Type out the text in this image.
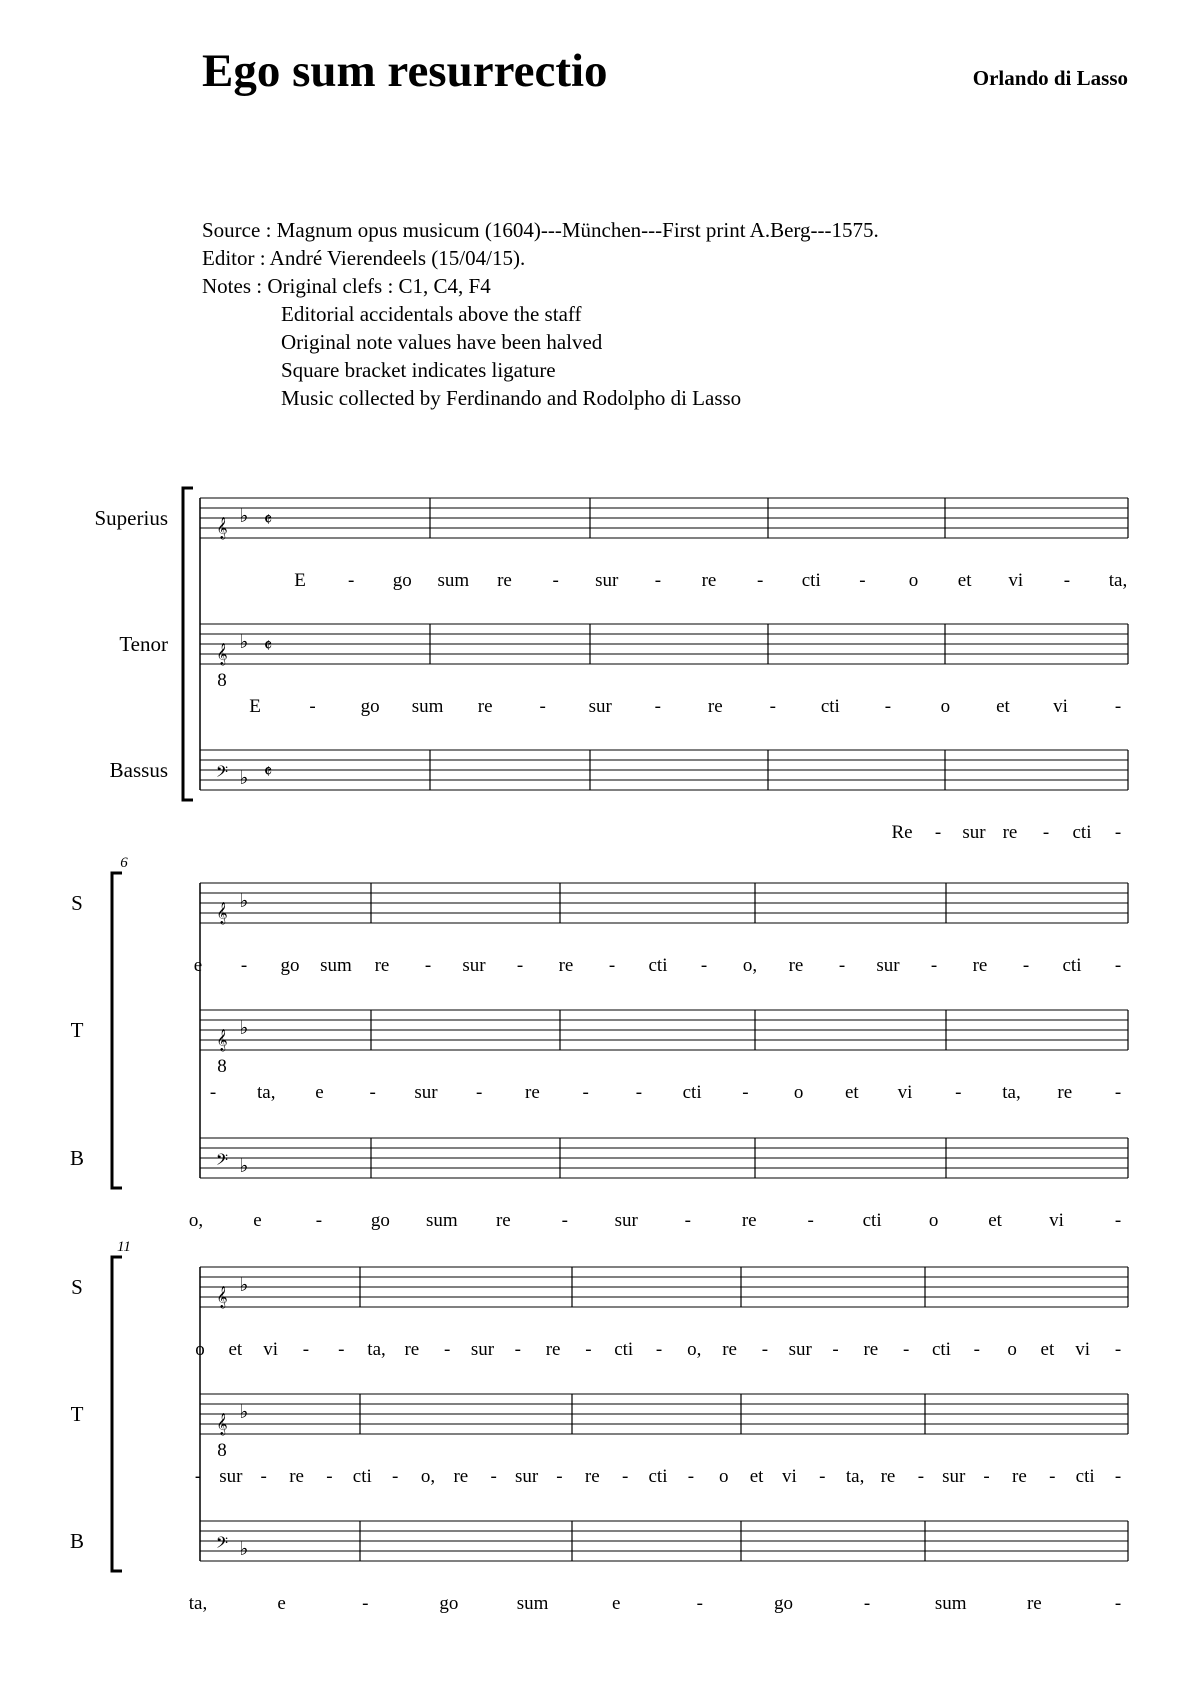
Ego sum resurrectio	Orlando di Lasso
Source : Magnum opus musicum (1604)---München---First print A.Berg---1575.
Editor : André Vierendeels (15/04/15).
Notes : Original clefs : C1, C4, F4
Editorial accidentals above the staff
Original note values have been halved
Square bracket indicates ligature
Music collected by Ferdinando and Rodolpho di Lasso
Superius	𝄞
♭ 𝄵
E - go sum re - sur - re - cti - o et vi - ta,
Tenor	𝄞
8
♭ 𝄵
E	- go sum re - sur - re - cti -	o et vi -
Bassus	𝄢 ♭ 𝄵
Re - sur re - cti -
6
S	𝄞
♭
e - go sum re - sur - re - cti - o, re - sur - re - cti -
T	𝄞
8
♭
- ta, e - sur - re - - cti - o et vi - ta, re -
B	𝄢 ♭
o,	e	-	go sum re	- sur -	re	-	cti o	et vi	-
11
S	𝄞
♭
o et vi - - ta, re - sur - re - cti - o, re - sur - re - cti - o et vi -
T	𝄞
8
♭
- sur - re - cti - o, re - sur - re - cti - o et vi - ta, re - sur - re - cti -
B	𝄢 ♭
ta,	e	-	go	sum	e	-	go	-	sum	re	-
